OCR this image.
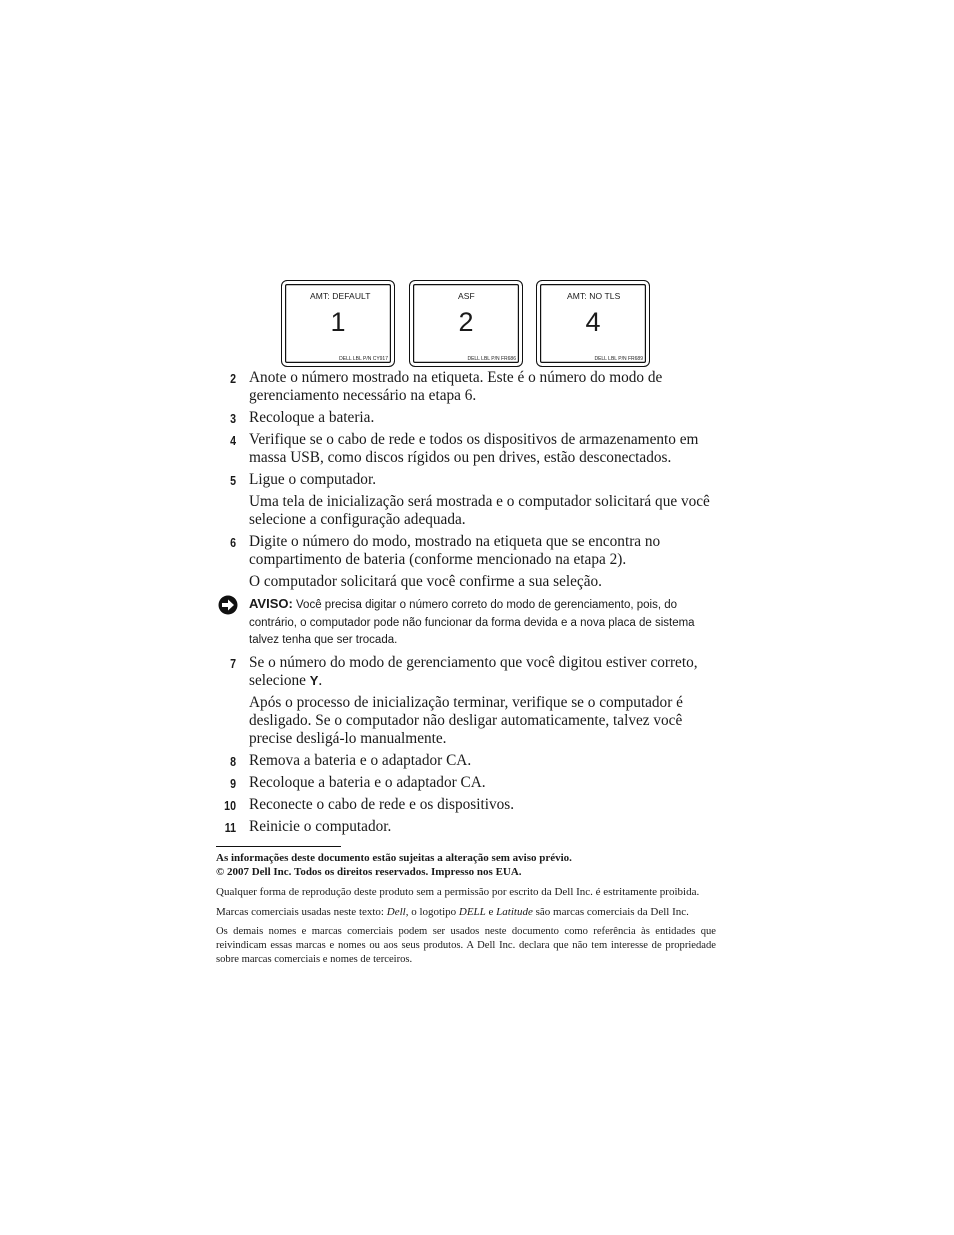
AMT: DEFAULT
1
DELL LBL P/N CY917
ASF
2
DELL LBL P/N FR686
AMT: NO TLS
4
DELL LBL P/N FR689
2 Anote o número mostrado na etiqueta. Este é o número do modo de gerenciamento necessário na etapa 6.

3 Recoloque a bateria.

4 Verifique se o cabo de rede e todos os dispositivos de armazenamento em massa USB, como discos rígidos ou pen drives, estão desconectados.

5 Ligue o computador.

Uma tela de inicialização será mostrada e o computador solicitará que você selecione a configuração adequada.

6 Digite o número do modo, mostrado na etiqueta que se encontra no compartimento de bateria (conforme mencionado na etapa 2).

O computador solicitará que você confirme a sua seleção.

AVISO: Você precisa digitar o número correto do modo de gerenciamento, pois, do contrário, o computador pode não funcionar da forma devida e a nova placa de sistema talvez tenha que ser trocada.
7 Se o número do modo de gerenciamento que você digitou estiver correto, selecione Y.

Após o processo de inicialização terminar, verifique se o computador é desligado. Se o computador não desligar automaticamente, talvez você precise desligá-lo manualmente.

8 Remova a bateria e o adaptador CA.

9 Recoloque a bateria e o adaptador CA.

10 Reconecte o cabo de rede e os dispositivos.

11 Reinicie o computador.

As informações deste documento estão sujeitas a alteração sem aviso prévio.

© 2007 Dell Inc. Todos os direitos reservados. Impresso nos EUA.

Qualquer forma de reprodução deste produto sem a permissão por escrito da Dell Inc. é estritamente proibida.

Marcas comerciais usadas neste texto: Dell, o logotipo DELL e Latitude são marcas comerciais da Dell Inc.

Os demais nomes e marcas comerciais podem ser usados neste documento como referência às entidades que reivindicam essas marcas e nomes ou aos seus produtos. A Dell Inc. declara que não tem interesse de propriedade sobre marcas comerciais e nomes de terceiros.
